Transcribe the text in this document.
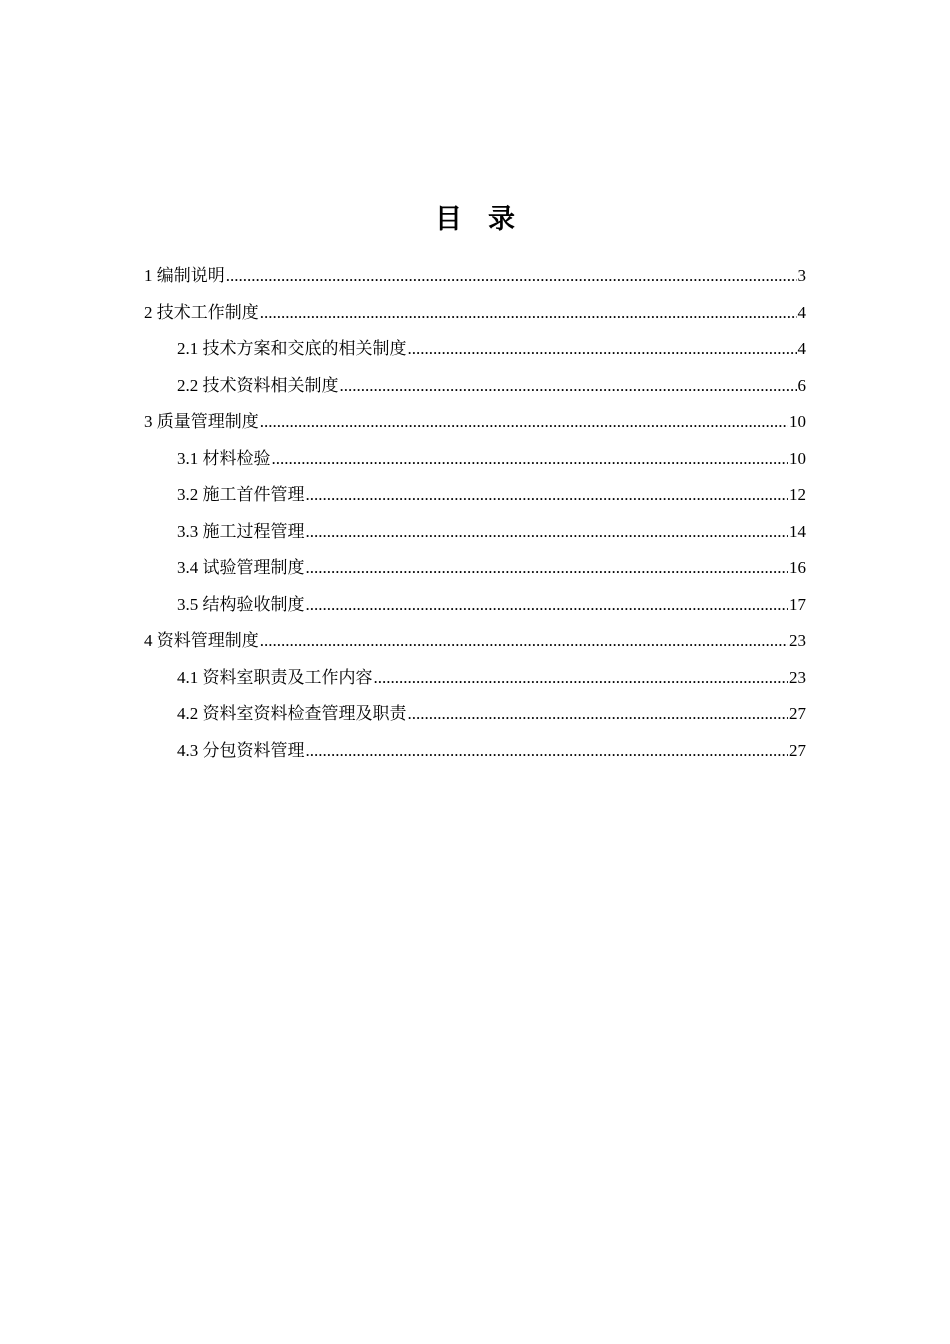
目录
1 编制说明 .....	3
2 技术工作制度 .....	4
2.1 技术方案和交底的相关制度 .....	4
2.2 技术资料相关制度 .....	6
3 质量管理制度 .....	10
3.1 材料检验 .....	10
3.2 施工首件管理 .....	12
3.3 施工过程管理 .....	14
3.4 试验管理制度 .....	16
3.5 结构验收制度 .....	17
4 资料管理制度 .....	23
4.1 资料室职责及工作内容 .....	23
4.2 资料室资料检查管理及职责 .....	27
4.3 分包资料管理 .....	27
